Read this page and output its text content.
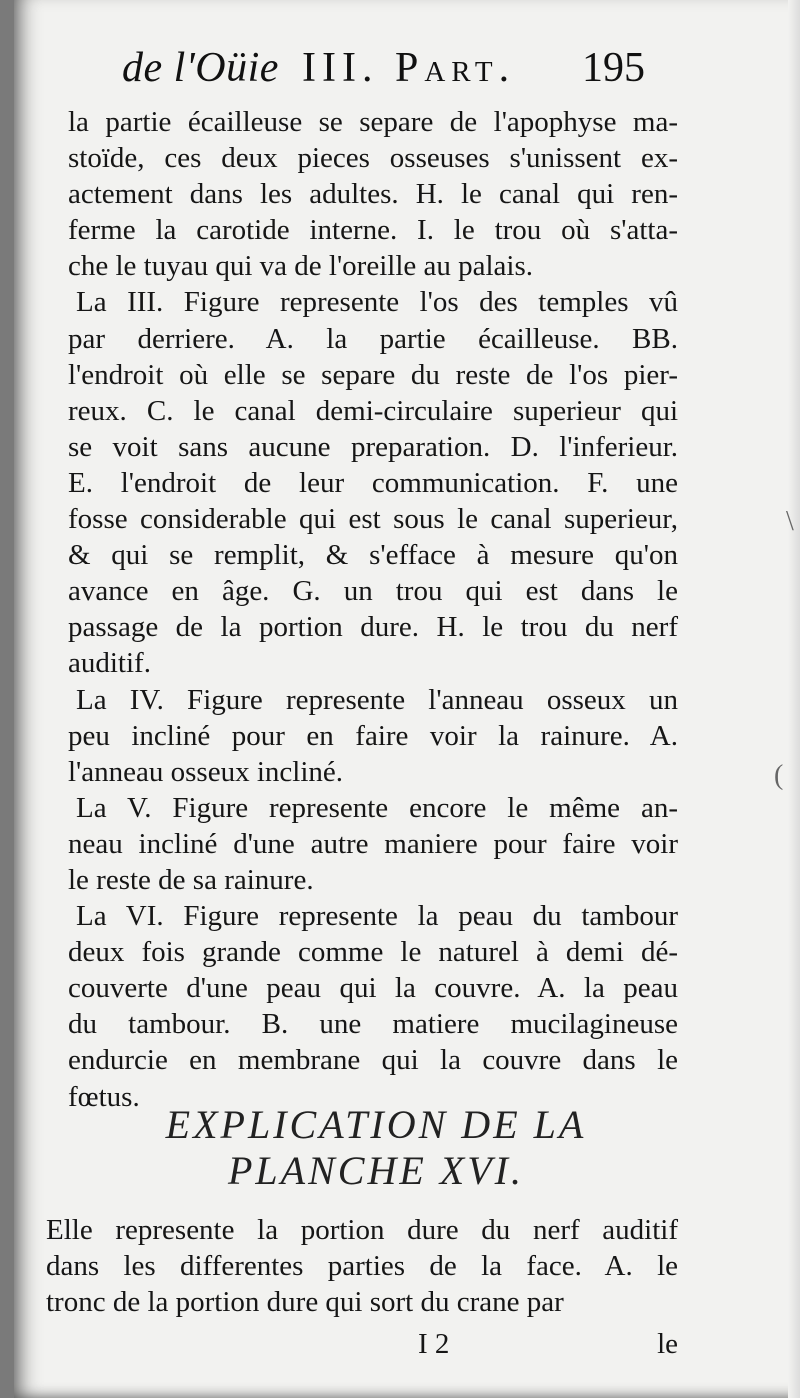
de l'Oüie III. Part. 195
la partie écailleuse se separe de l'apophyse ma-
stoïde, ces deux pieces osseuses s'unissent ex-
actement dans les adultes. H. le canal qui ren-
ferme la carotide interne. I. le trou où s'atta-
che le tuyau qui va de l'oreille au palais.
La III. Figure represente l'os des temples vû
par derriere. A. la partie écailleuse. BB.
l'endroit où elle se separe du reste de l'os pier-
reux. C. le canal demi-circulaire superieur qui
se voit sans aucune preparation. D. l'inferieur.
E. l'endroit de leur communication. F. une
fosse considerable qui est sous le canal superieur,
& qui se remplit, & s'efface à mesure qu'on
avance en âge. G. un trou qui est dans le
passage de la portion dure. H. le trou du nerf
auditif.
La IV. Figure represente l'anneau osseux un
peu incliné pour en faire voir la rainure. A.
l'anneau osseux incliné.
La V. Figure represente encore le même an-
neau incliné d'une autre maniere pour faire voir
le reste de sa rainure.
La VI. Figure represente la peau du tambour
deux fois grande comme le naturel à demi dé-
couverte d'une peau qui la couvre. A. la peau
du tambour. B. une matiere mucilagineuse
endurcie en membrane qui la couvre dans le
fœtus.
EXPLICATION DE LA
PLANCHE XVI.
Elle represente la portion dure du nerf auditif
dans les differentes parties de la face. A. le
tronc de la portion dure qui sort du crane par
I 2	le
\
(
